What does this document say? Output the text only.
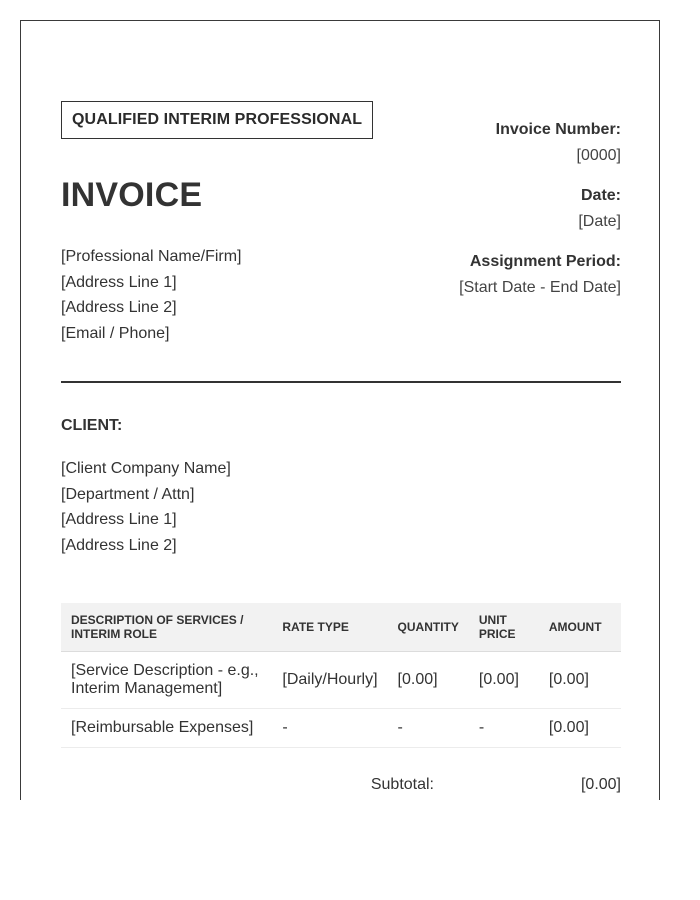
QUALIFIED INTERIM PROFESSIONAL
INVOICE
[Professional Name/Firm]
[Address Line 1]
[Address Line 2]
[Email / Phone]
Invoice Number:
[0000]
Date:
[Date]
Assignment Period:
[Start Date - End Date]
CLIENT:
[Client Company Name]
[Department / Attn]
[Address Line 1]
[Address Line 2]
DESCRIPTION OF SERVICES / INTERIM ROLE	RATE TYPE	QUANTITY	UNIT PRICE	AMOUNT
[Service Description - e.g., Interim Management]	[Daily/Hourly]	[0.00]	[0.00]	[0.00]
[Reimbursable Expenses]	-	-	-	[0.00]
Subtotal:	[0.00]
